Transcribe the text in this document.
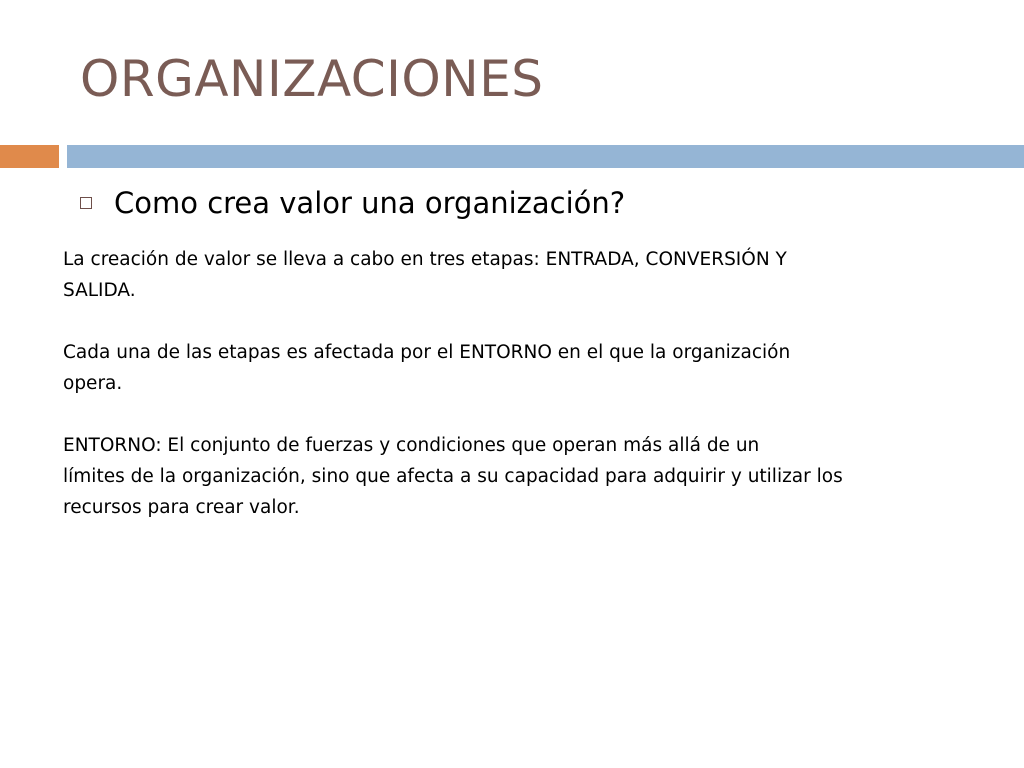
ORGANIZACIONES
Como crea valor una organización?

La creación de valor se lleva a cabo en tres etapas: ENTRADA, CONVERSIÓN Y
SALIDA.

Cada una de las etapas es afectada por el ENTORNO en el que la organización
opera.

ENTORNO: El conjunto de fuerzas y condiciones que operan más allá de un
límites de la organización, sino que afecta a su capacidad para adquirir y utilizar los
recursos para crear valor.
